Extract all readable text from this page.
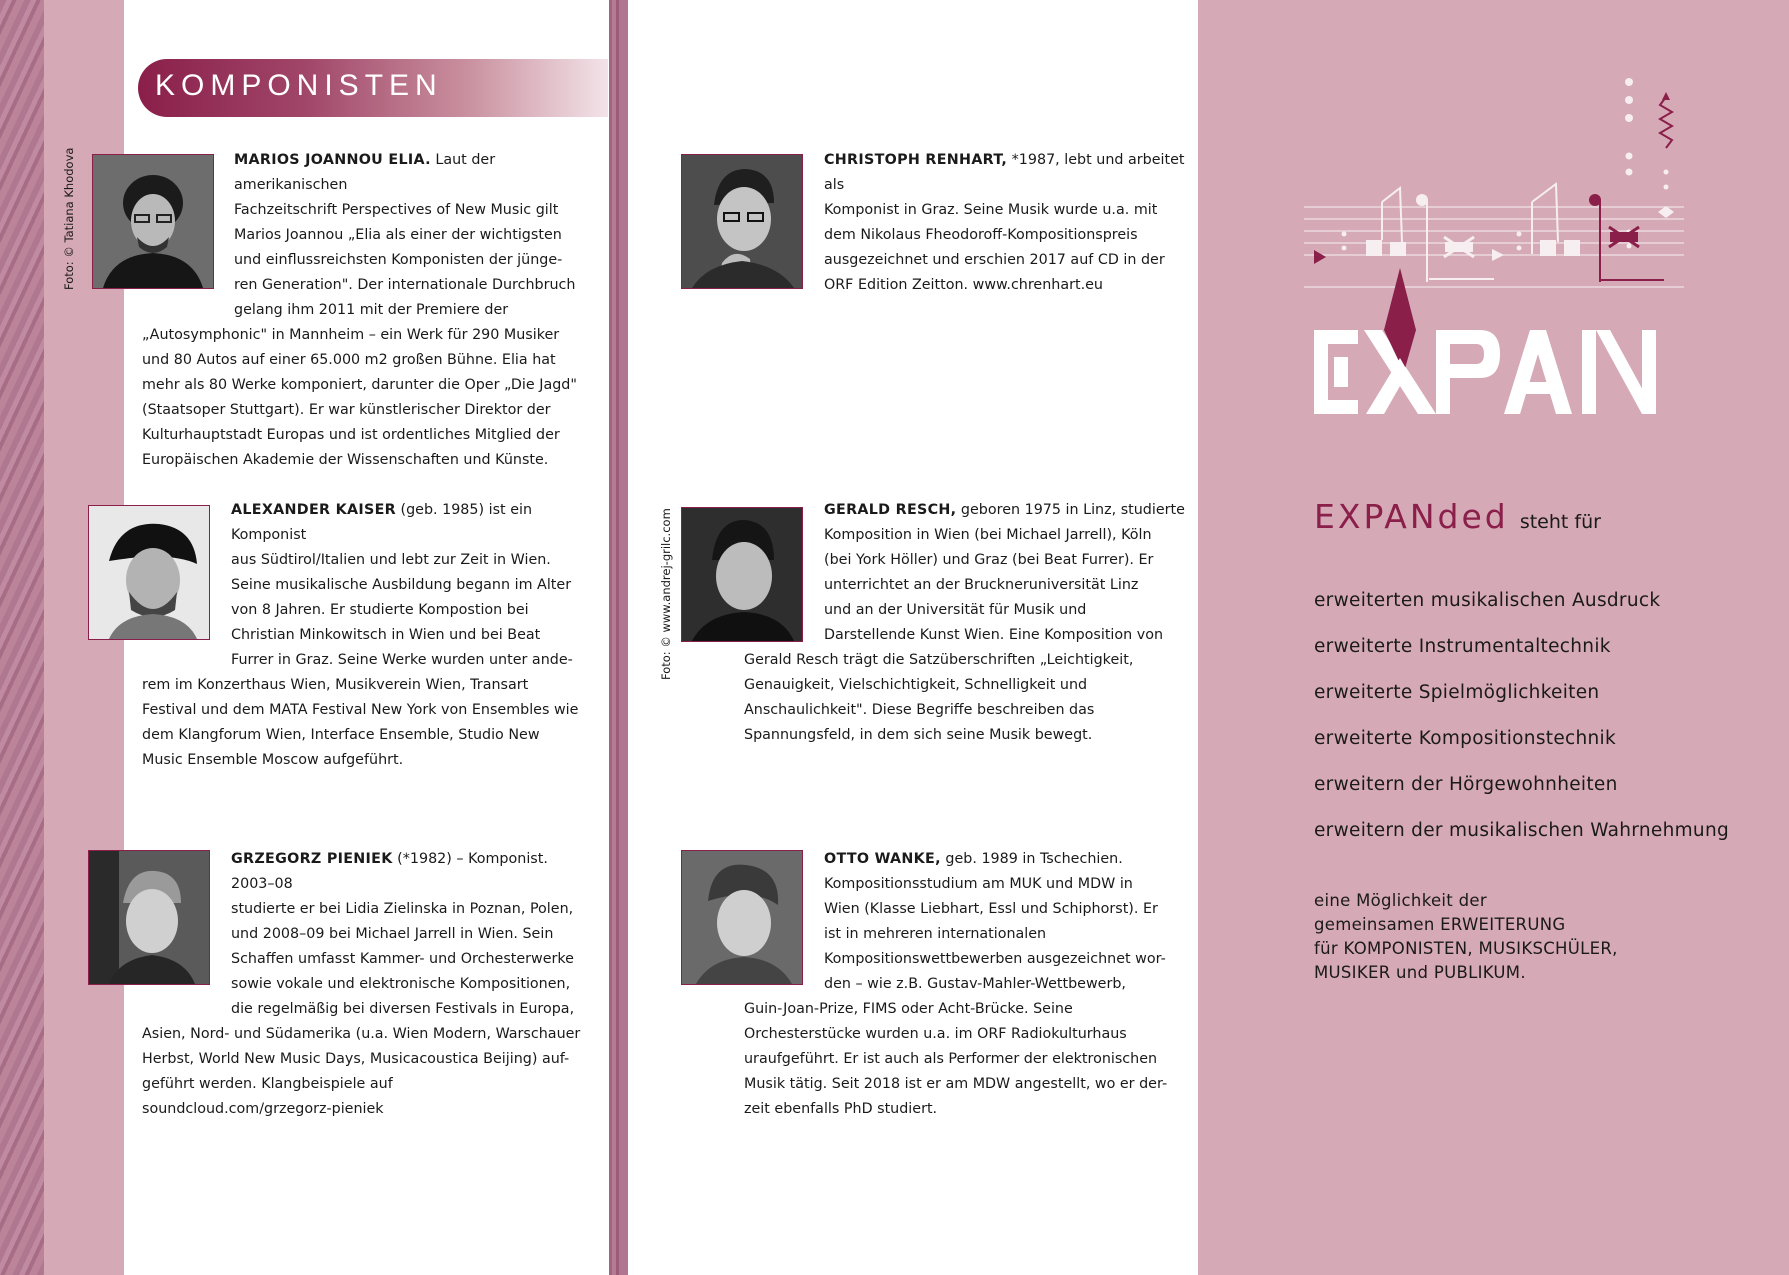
KOMPONISTEN
Foto: © Tatiana Khodova
Foto: © www.andrej-grilc.com
MARIOS JOANNOU ELIA. Laut der amerikanischen
Fachzeitschrift Perspectives of New Music gilt
Marios Joannou „Elia als einer der wichtigsten
und einflussreichsten Komponisten der jünge-
ren Generation". Der internationale Durchbruch
gelang ihm 2011 mit der Premiere der
„Autosymphonic" in Mannheim – ein Werk für 290 Musiker
und 80 Autos auf einer 65.000 m2 großen Bühne. Elia hat
mehr als 80 Werke komponiert, darunter die Oper „Die Jagd"
(Staatsoper Stuttgart). Er war künstlerischer Direktor der
Kulturhauptstadt Europas und ist ordentliches Mitglied der
Europäischen Akademie der Wissenschaften und Künste.
ALEXANDER KAISER (geb. 1985) ist ein Komponist
aus Südtirol/Italien und lebt zur Zeit in Wien.
Seine musikalische Ausbildung begann im Alter
von 8 Jahren. Er studierte Kompostion bei
Christian Minkowitsch in Wien und bei Beat
Furrer in Graz. Seine Werke wurden unter ande-
rem im Konzerthaus Wien, Musikverein Wien, Transart
Festival und dem MATA Festival New York von Ensembles wie
dem Klangforum Wien, Interface Ensemble, Studio New
Music Ensemble Moscow aufgeführt.
GRZEGORZ PIENIEK (*1982) – Komponist. 2003–08
studierte er bei Lidia Zielinska in Poznan, Polen,
und 2008–09 bei Michael Jarrell in Wien. Sein
Schaffen umfasst Kammer- und Orchesterwerke
sowie vokale und elektronische Kompositionen,
die regelmäßig bei diversen Festivals in Europa,
Asien, Nord- und Südamerika (u.a. Wien Modern, Warschauer
Herbst, World New Music Days, Musicacoustica Beijing) auf-
geführt werden. Klangbeispiele auf
soundcloud.com/grzegorz-pieniek
CHRISTOPH RENHART, *1987, lebt und arbeitet als
Komponist in Graz. Seine Musik wurde u.a. mit
dem Nikolaus Fheodoroff-Kompositionspreis
ausgezeichnet und erschien 2017 auf CD in der
ORF Edition Zeitton. www.chrenhart.eu
GERALD RESCH, geboren 1975 in Linz, studierte
Komposition in Wien (bei Michael Jarrell), Köln
(bei York Höller) und Graz (bei Beat Furrer). Er
unterrichtet an der Brucknеruniversität Linz
und an der Universität für Musik und
Darstellende Kunst Wien. Eine Komposition von
Gerald Resch trägt die Satzüberschriften „Leichtigkeit,
Genauigkeit, Vielschichtigkeit, Schnelligkeit und
Anschaulichkeit". Diese Begriffe beschreiben das
Spannungsfeld, in dem sich seine Musik bewegt.
OTTO WANKE, geb. 1989 in Tschechien.
Kompositionsstudium am MUK und MDW in
Wien (Klasse Liebhart, Essl und Schiphorst). Er
ist in mehreren internationalen
Kompositionswettbewerben ausgezeichnet wor-
den – wie z.B. Gustav-Mahler-Wettbewerb,
Guin-Joan-Prize, FIMS oder Acht-Brücke. Seine
Orchesterstücke wurden u.a. im ORF Radiokulturhaus
uraufgeführt. Er ist auch als Performer der elektronischen
Musik tätig. Seit 2018 ist er am MDW angestellt, wo er der-
zeit ebenfalls PhD studiert.
EXPANded steht für
erweiterten musikalischen Ausdruck
erweiterte Instrumentaltechnik
erweiterte Spielmöglichkeiten
erweiterte Kompositionstechnik
erweitern der Hörgewohnheiten
erweitern der musikalischen Wahrnehmung
eine Möglichkeit der
gemeinsamen ERWEITERUNG
für KOMPONISTEN, MUSIKSCHÜLER,
MUSIKER und PUBLIKUM.
